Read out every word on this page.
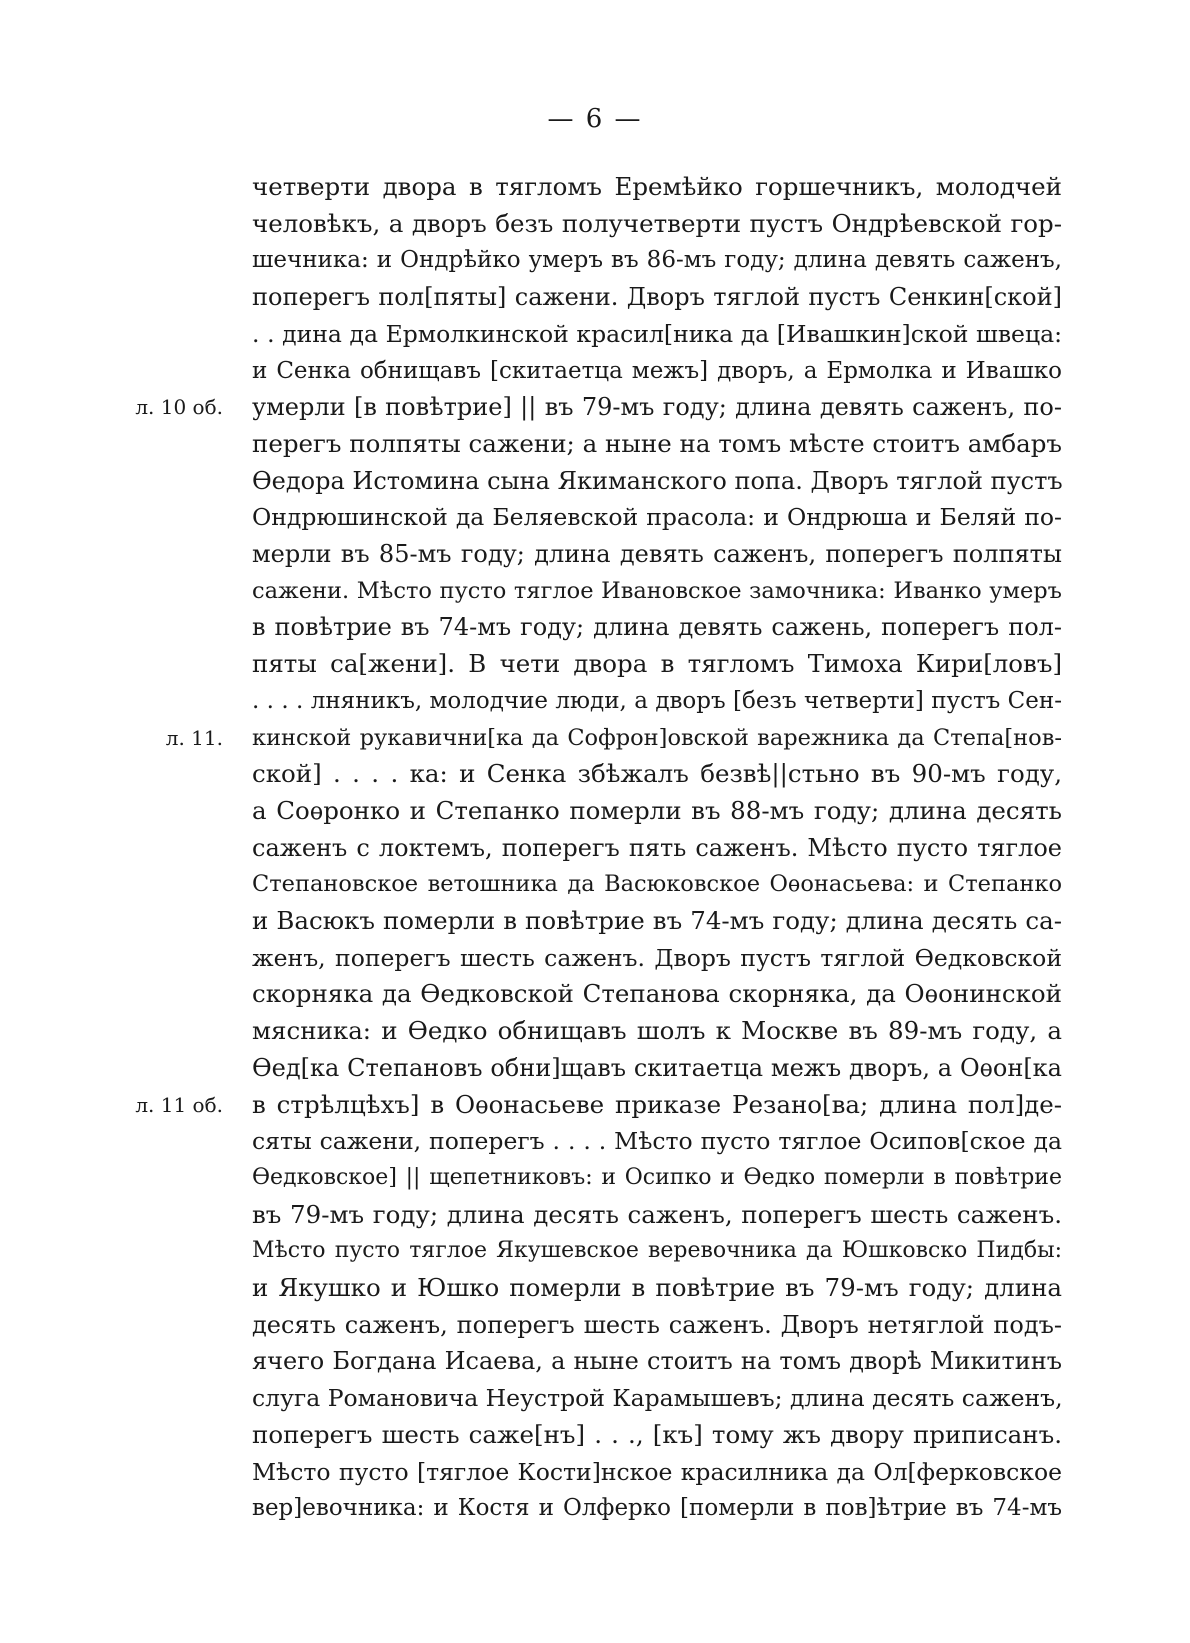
— 6 —
четверти двора в тягломъ Еремѣйко горшечникъ, молодчей
человѣкъ, а дворъ безъ получетверти пустъ Ондрѣевской гор-
шечника: и Ондрѣйко умеръ въ 86-мъ году; длина девять саженъ,
поперегъ пол[пяты] сажени. Дворъ тяглой пустъ Сенкин[ской]
. . дина да Ермолкинской красил[ника да [Ивашкин]ской швеца:
и Сенка обнищавъ [скитаетца межъ] дворъ, а Ермолка и Ивашко
умерли [в повѣтрие] || въ 79-мъ году; длина девять саженъ, по-
перегъ полпяты сажени; а ныне на томъ мѣсте стоитъ амбаръ
Ѳедора Истомина сына Якиманского попа. Дворъ тяглой пустъ
Ондрюшинской да Беляевской прасола: и Ондрюша и Беляй по-
мерли въ 85-мъ году; длина девять саженъ, поперегъ полпяты
сажени. Мѣсто пусто тяглое Ивановское замочника: Иванко умеръ
в повѣтрие въ 74-мъ году; длина девять сажень, поперегъ пол-
пяты са[жени]. В чети двора в тягломъ Тимоха Кири[ловъ]
. . . . лняникъ, молодчие люди, а дворъ [безъ четверти] пустъ Сен-
кинской рукавични[ка да Софрон]овской варежника да Степа[нов-
ской] . . . . ка: и Сенка збѣжалъ безвѣ||стьно въ 90-мъ году,
а Соѳронко и Степанко померли въ 88-мъ году; длина десять
саженъ с локтемъ, поперегъ пять саженъ. Мѣсто пусто тяглое
Степановское ветошника да Васюковское Оѳонасьева: и Степанко
и Васюкъ померли в повѣтрие въ 74-мъ году; длина десять са-
женъ, поперегъ шесть саженъ. Дворъ пустъ тяглой Ѳедковской
скорняка да Ѳедковской Степанова скорняка, да Оѳонинской
мясника: и Ѳедко обнищавъ шолъ к Москве въ 89-мъ году, а
Ѳед[ка Степановъ обни]щавъ скитаетца межъ дворъ, а Оѳон[ка
в стрѣлцѣхъ] в Оѳонасьеве приказе Резано[ва; длина пол]де-
сяты сажени, поперегъ . . . . Мѣсто пусто тяглое Осипов[ское да
Ѳедковское] || щепетниковъ: и Осипко и Ѳедко померли в повѣтрие
въ 79-мъ году; длина десять саженъ, поперегъ шесть саженъ.
Мѣсто пусто тяглое Якушевское веревочника да Юшковско Пидбы:
и Якушко и Юшко померли в повѣтрие въ 79-мъ году; длина
десять саженъ, поперегъ шесть саженъ. Дворъ нетяглой подъ-
ячего Богдана Исаева, а ныне стоитъ на томъ дворѣ Микитинъ
слуга Романовича Неустрой Карамышевъ; длина десять саженъ,
поперегъ шесть саже[нъ] . . ., [къ] тому жъ двору приписанъ.
Мѣсто пусто [тяглое Кости]нское красилника да Ол[ферковское
вер]евочника: и Костя и Олферко [померли в пов]ѣтрие въ 74-мъ
л. 10 об.
л. 11.
л. 11 об.
